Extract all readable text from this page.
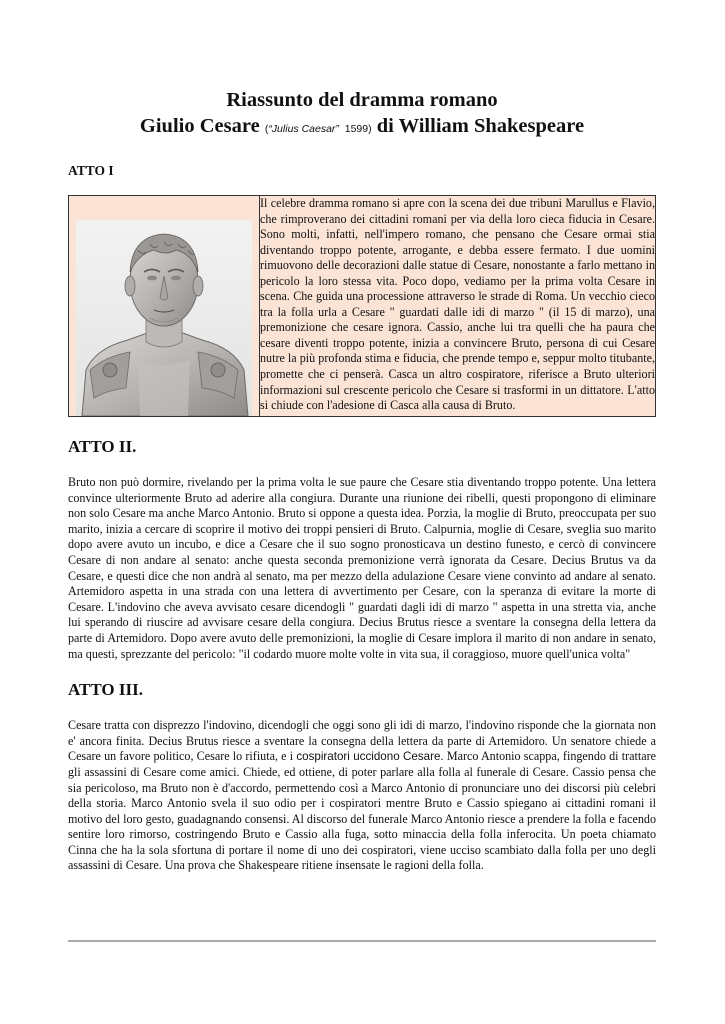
Riassunto del dramma romano
Giulio Cesare (“Julius Caesar”  1599) di William Shakespeare
ATTO I
	Il celebre dramma romano si apre con la scena dei due tribuni Marullus e Flavio, che rimproverano dei cittadini romani per via della loro cieca fiducia in Cesare. Sono molti, infatti, nell'impero romano, che pensano che Cesare ormai stia diventando troppo potente, arrogante, e debba essere fermato. I due uomini rimuovono delle decorazioni dalle statue di Cesare, nonostante a farlo mettano in pericolo la loro stessa vita. Poco dopo, vediamo per la prima volta Cesare in scena. Che guida una processione attraverso le strade di Roma. Un vecchio cieco tra la folla urla a Cesare " guardati dalle idi di marzo " (il 15 di marzo), una premonizione che cesare ignora. Cassio, anche lui tra quelli che ha paura che cesare diventi troppo potente, inizia a convincere Bruto, persona di cui Cesare nutre la più profonda stima e fiducia, che prende tempo e, seppur molto titubante, promette che ci penserà. Casca un altro cospiratore, riferisce a Bruto ulteriori informazioni sul crescente pericolo che Cesare si trasformi in un dittatore. L'atto si chiude con l'adesione di Casca alla causa di Bruto.
ATTO II.

Bruto non può dormire, rivelando per la prima volta le sue paure che Cesare stia diventando troppo potente. Una lettera convince ulteriormente Bruto ad aderire alla congiura. Durante una riunione dei ribelli, questi propongono di eliminare non solo Cesare ma anche Marco Antonio. Bruto si oppone a questa idea. Porzia, la moglie di Bruto, preoccupata per suo marito, inizia a cercare di scoprire il motivo dei troppi pensieri di Bruto. Calpurnia, moglie di Cesare, sveglia suo marito dopo avere avuto un incubo, e dice a Cesare che il suo sogno pronosticava un destino funesto, e cercò di convincere Cesare di non andare al senato: anche questa seconda premonizione verrà ignorata da Cesare. Decius Brutus va da Cesare, e questi dice che non andrà al senato, ma per mezzo della adulazione Cesare viene convinto ad andare al senato. Artemidoro aspetta in una strada con una lettera di avvertimento per Cesare, con la speranza di evitare la morte di Cesare. L'indovino che aveva avvisato cesare dicendogli " guardati dagli idi di marzo " aspetta in una stretta via, anche lui sperando di riuscire ad avvisare cesare della congiura. Decius Brutus riesce a sventare la consegna della lettera da parte di Artemidoro. Dopo avere avuto delle premonizioni, la moglie di Cesare implora il marito di non andare in senato, ma questi, sprezzante del pericolo: "il codardo muore molte volte in vita sua, il coraggioso, muore quell'unica volta"

ATTO III.

Cesare tratta con disprezzo l'indovino, dicendogli che oggi sono gli idi di marzo, l'indovino risponde che la giornata non e' ancora finita. Decius Brutus riesce a sventare la consegna della lettera da parte di Artemidoro. Un senatore chiede a Cesare un favore politico, Cesare lo rifiuta, e i cospiratori uccidono Cesare. Marco Antonio scappa, fingendo di trattare gli assassini di Cesare come amici. Chiede, ed ottiene, di poter parlare alla folla al funerale di Cesare. Cassio pensa che sia pericoloso, ma Bruto non è d'accordo, permettendo così a Marco Antonio di pronunciare uno dei discorsi più celebri della storia. Marco Antonio svela il suo odio per i cospiratori mentre Bruto e Cassio spiegano ai cittadini romani il motivo del loro gesto, guadagnando consensi. Al discorso del funerale Marco Antonio riesce a prendere la folla e facendo sentire loro rimorso, costringendo Bruto e Cassio alla fuga, sotto minaccia della folla inferocita. Un poeta chiamato Cinna che ha la sola sfortuna di portare il nome di uno dei cospiratori, viene ucciso scambiato dalla folla per uno degli assassini di Cesare. Una prova che Shakespeare ritiene insensate le ragioni della folla.
